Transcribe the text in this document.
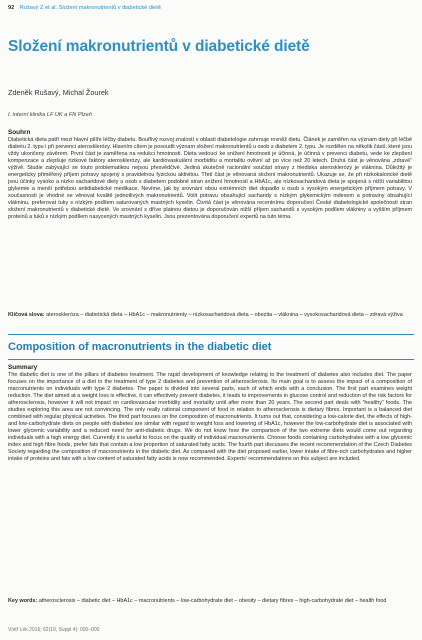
92 Rušavý Z et al. Složení makronutrientů v diabetické dietě
Složení makronutrientů v diabetické dietě
Zdeněk Rušavý, Michal Žourek
I. interní klinika LF UK a FN Plzeň
Souhrn

Diabetická dieta patří mezi hlavní pilíře léčby diabetu. Bouřlivý rozvoj znalostí v oblasti diabetologie zahrnuje rovněž dietu. Článek je zaměřen na význam diety při léčbě diabetu 2. typu i při prevenci aterosklerózy. Hlavním cílem je posoudit význam složení makronutrientů u osob s diabetem 2. typu. Je rozdělen na několik částí, které jsou vždy ukončeny závěrem. První část je zaměřena na redukci hmotnosti. Dieta vedoucí ke snížení hmotnosti je účinná, je účinná v prevenci diabetu, vede ke zlepšení kompenzace a zlepšuje rizikové faktory aterosklerózy, ale kardiovaskulární morbiditu a mortalitu ovlivní až po více než 20 letech. Druhá část je věnována „zdravé“ výživě. Studie zabývající se touto problematikou nejsou přesvědčivé. Jediná skutečně racionální součást stravy z hlediska aterosklerózy je vláknina. Důležitý je energeticky přiměřený příjem potravy spojený s pravidelnou fyzickou aktivitou. Třetí část je věnovaná složení makronutrientů. Ukazuje se, že při nízkokalorické dietě jsou účinky vysoko a nízko sacharidové diety u osob s diabetem podobné stran snížení hmotnosti a HbA1c, ale nízkosacharidová dieta je spojená s nižší variabilitou glykemie a menší potřebou antidiabetické medikace. Nevíme, jak by srovnání obou extrémních diet dopadlo u osob s vysokým energetickým příjmem potravy. V současnosti je vhodné se věnovat kvalitě jednotlivých makronutrientů. Volit potravu obsahující sacharidy s nízkým glykemickým indexem a potraviny obsahující vlákninu, preferovat tuky s nízkým podílem saturovaných mastných kyselin. Čtvrtá část je věnována recentnímu doporučení České diabetologické společnosti stran složení makronutrientů v diabetické dietě. Ve srovnání s dříve platnou dietou je doporučován nižší příjem sacharidů s vysokým podílem vlákniny a vyšším příjmem proteinů a tuků s nízkým podílem nasycených mastných kyselin. Jsou prezentována doporučení expertů na tuto téma.

Klíčová slova: ateroskleróza – diabetická dieta – HbA1c – makronutrienty – nízkosacharidová dieta – obezita – vláknina – vysokosacharidová dieta – zdravá výživa
Composition of macronutrients in the diabetic diet
Summary

The diabetic diet is one of the pillars of diabetes treatment. The rapid development of knowledge relating to the treatment of diabetes also includes diet. The paper focuses on the importance of a diet in the treatment of type 2 diabetes and prevention of atherosclerosis. Its main goal is to assess the impact of a composition of macronutrients on individuals with type 2 diabetes. The paper is divided into several parts, each of which ends with a conclusion. The first part examines weight reduction. The diet aimed at a weight loss is effective, it can effectively prevent diabetes, it leads to improvements in glucose control and reduction of the risk factors for atherosclerosis, however it will not impact on cardiovascular morbidity and mortality until after more than 20 years. The second part deals with “healthy” foods. The studies exploring this area are not convincing. The only really rational component of food in relation to atherosclerosis is dietary fibres. Important is a balanced diet combined with regular physical activities. The third part focuses on the composition of macronutrients. It turns out that, considering a low-calorie diet, the effects of high- and low-carbohydrate diets on people with diabetes are similar with regard to weight loss and lowering of HbA1c, however the low-carbohydrate diet is associated with lower glycemic variability and a reduced need for anti-diabetic drugs. We do not know how the comparison of the two extreme diets would come out regarding individuals with a high energy diet. Currently it is useful to focus on the quality of individual macronutrients. Choose foods containing carbohydrates with a low glycemic index and high fibre foods, prefer fats that contain a low proportion of saturated fatty acids. The fourth part discusses the recent recommendation of the Czech Diabetes Society regarding the composition of macronutrients in the diabetic diet. As compared with the diet proposed earlier, lower intake of fibre-rich carbohydrates and higher intake of proteins and fats with a low content of saturated fatty acids is now recommended. Experts’ recommendations on this subject are included.

Key words: atherosclerosis – diabetic diet – HbA1c – macronutrients – low-carbohydrate diet – obesity – dietary fibres – high-carbohydrate diet – health food
Vnitř Lék 2016; 62(10, Suppl 4): 000–000
